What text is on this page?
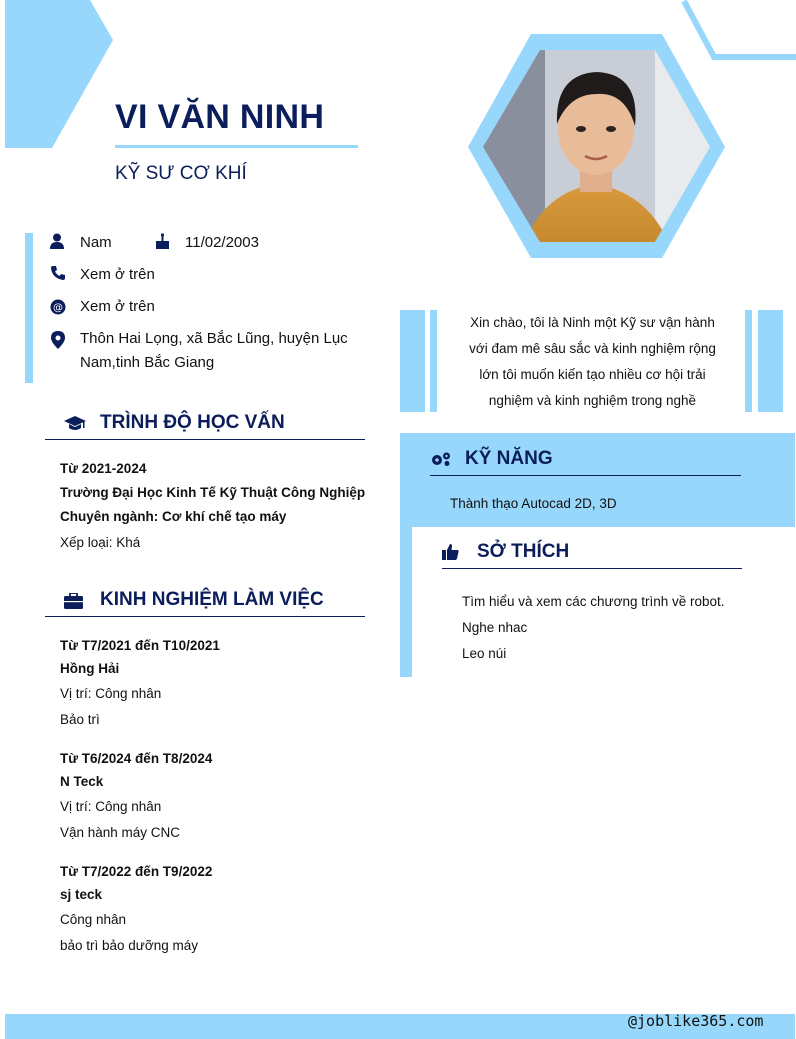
VI VĂN NINH
KỸ SƯ CƠ KHÍ
Nam	11/02/2003
Xem ở trên
@ Xem ở trên
Thôn Hai Lọng, xã Bắc Lũng, huyện Lục
Nam,tinh Bắc Giang
Xin chào, tôi là Ninh một Kỹ sư vận hành
với đam mê sâu sắc và kinh nghiệm rộng
lớn tôi muốn kiến tạo nhiều cơ hội trải
nghiệm và kinh nghiệm trong nghề
TRÌNH ĐỘ HỌC VẤN
Từ 2021-2024
Trường Đại Học Kinh Tế Kỹ Thuật Công Nghiệp
Chuyên ngành: Cơ khí chế tạo máy
Xếp loại: Khá
KINH NGHIỆM LÀM VIỆC
Từ T7/2021 đến T10/2021
Hồng Hải
Vị trí: Công nhân
Bảo trì
Từ T6/2024 đến T8/2024
N Teck
Vị trí: Công nhân
Vận hành máy CNC
Từ T7/2022 đến T9/2022
sj teck
Công nhân
bảo trì bảo dưỡng máy
KỸ NĂNG
Thành thạo Autocad 2D, 3D
SỞ THÍCH
Tìm hiểu và xem các chương trình về robot.
Nghe nhac
Leo núi
@joblike365.com
